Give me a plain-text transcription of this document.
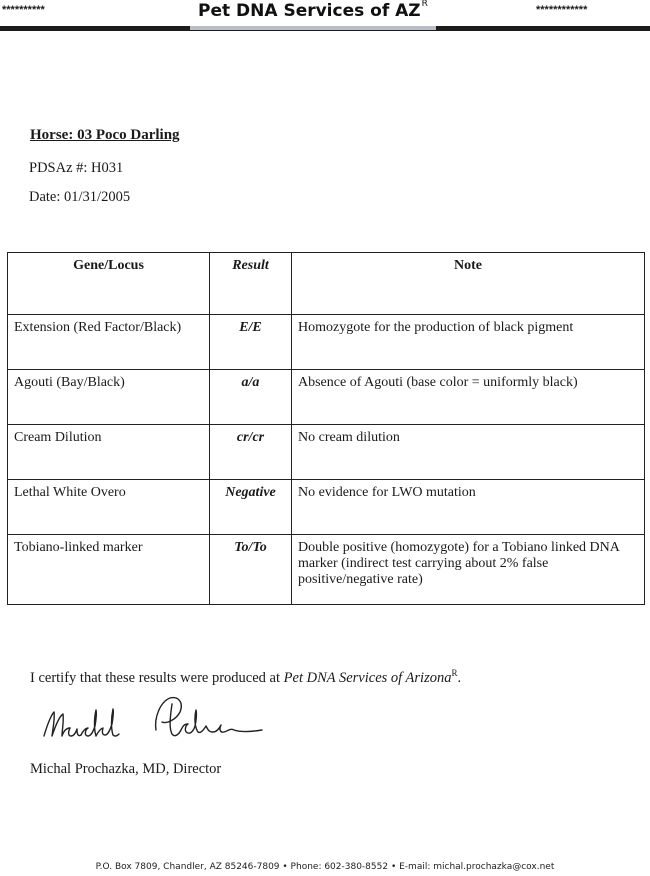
**********	Pet DNA Services of $AZ^R$	************
Horse: 03 Poco Darling
PDSAz #: H031
Date: 01/31/2005
Gene/Locus	Result	Note
Extension (Red Factor/Black)	E/E	Homozygote for the production of black pigment
Agouti (Bay/Black)	a/a	Absence of Agouti (base color = uniformly black)
Cream Dilution	cr/cr	No cream dilution
Lethal White Overo	Negative	No evidence for LWO mutation
Tobiano-linked marker	To/To	Double positive (homozygote) for a Tobiano linked DNA marker (indirect test carrying about 2% false positive/negative rate)
I certify that these results were produced at Pet DNA Services of Arizona$^R$.
Michal Prochazka, MD, Director
P.O. Box 7809, Chandler, AZ 85246-7809 • Phone: 602-380-8552 • E-mail: michal.prochazka@cox.net
